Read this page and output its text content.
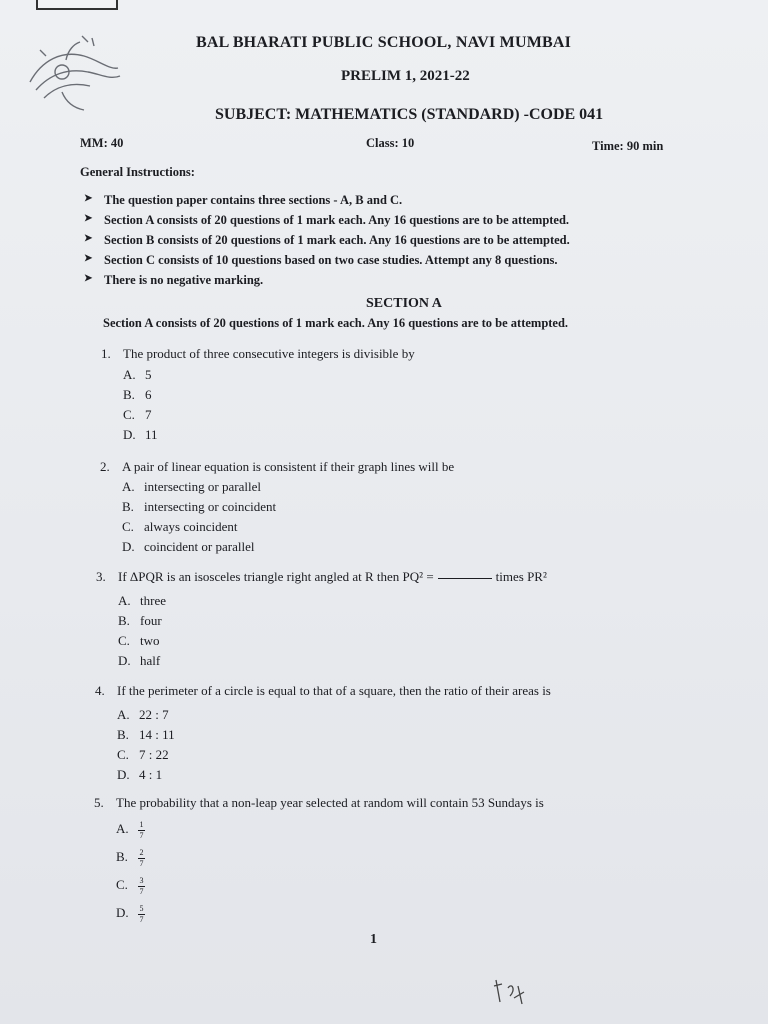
BAL BHARATI PUBLIC SCHOOL, NAVI MUMBAI
PRELIM 1, 2021-22
SUBJECT: MATHEMATICS (STANDARD) -CODE 041
MM: 40	Class: 10	Time: 90 min
General Instructions:
➤ The question paper contains three sections - A, B and C.
➤ Section A consists of 20 questions of 1 mark each. Any 16 questions are to be attempted.
➤ Section B consists of 20 questions of 1 mark each. Any 16 questions are to be attempted.
➤ Section C consists of 10 questions based on two case studies. Attempt any 8 questions.
➤ There is no negative marking.
SECTION A
Section A consists of 20 questions of 1 mark each. Any 16 questions are to be attempted.
1. The product of three consecutive integers is divisible by
A. 5
B. 6
C. 7
D. 11
2. A pair of linear equation is consistent if their graph lines will be
A. intersecting or parallel
B. intersecting or coincident
C. always coincident
D. coincident or parallel
3. If ΔPQR is an isosceles triangle right angled at R then PQ² =	times PR²
A. three
B. four
C. two
D. half
4. If the perimeter of a circle is equal to that of a square, then the ratio of their areas is
A. 22 : 7
B. 14 : 11
C. 7 : 22
D. 4 : 1
5. The probability that a non-leap year selected at random will contain 53 Sundays is
A. $\frac{1}{7}$
B. $\frac{2}{7}$
C. $\frac{3}{7}$
D. $\frac{5}{7}$
1
